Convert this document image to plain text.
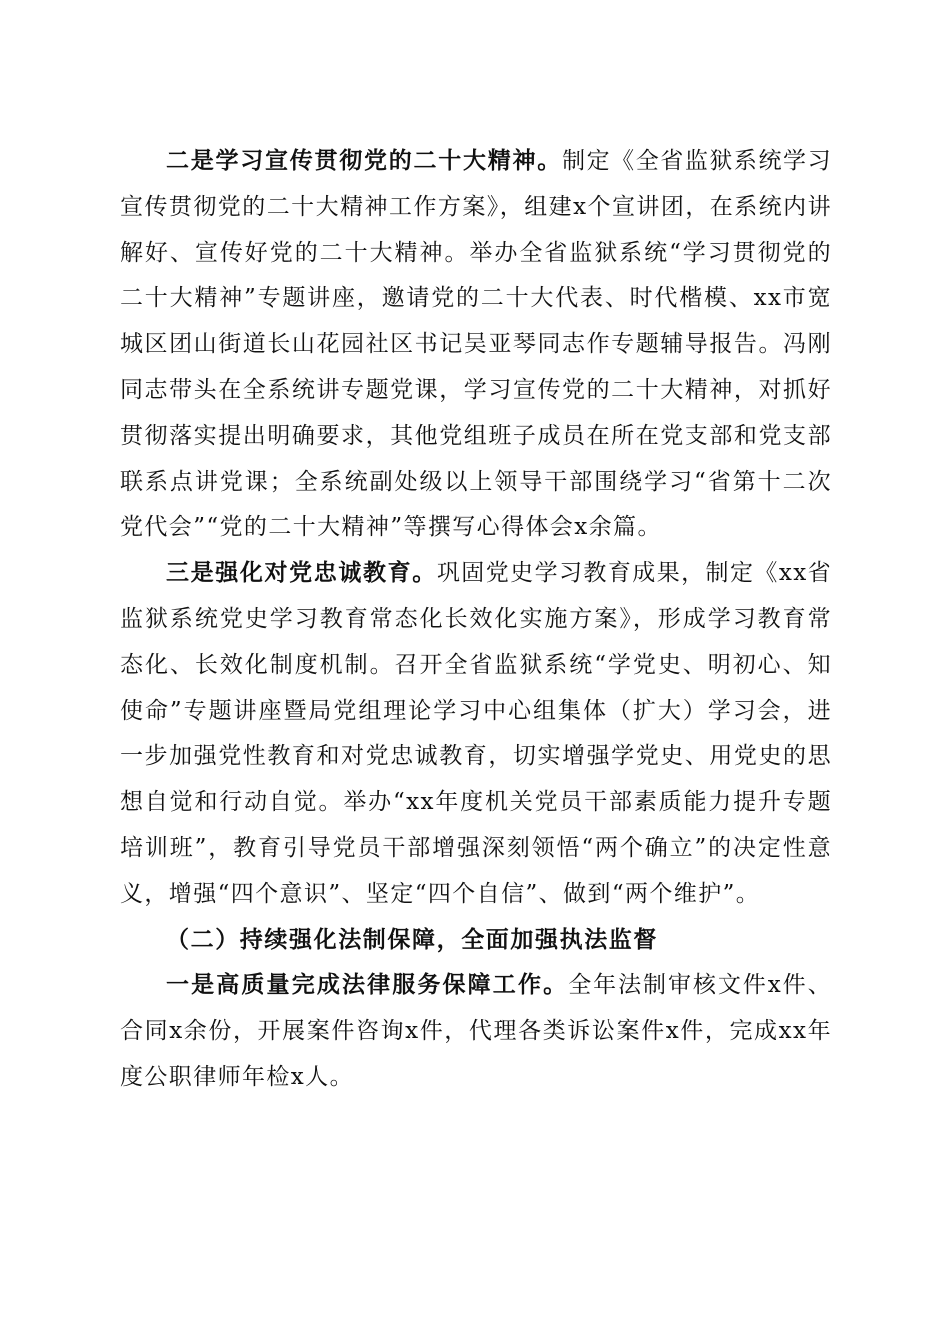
二是学习宣传贯彻党的二十大精神。制定《全省监狱系统学习宣传贯彻党的二十大精神工作方案》，组建x个宣讲团，在系统内讲解好、宣传好党的二十大精神。举办全省监狱系统“学习贯彻党的二十大精神”专题讲座，邀请党的二十大代表、时代楷模、xx市宽城区团山街道长山花园社区书记吴亚琴同志作专题辅导报告。冯刚同志带头在全系统讲专题党课，学习宣传党的二十大精神，对抓好贯彻落实提出明确要求，其他党组班子成员在所在党支部和党支部联系点讲党课；全系统副处级以上领导干部围绕学习“省第十二次党代会”“党的二十大精神”等撰写心得体会x余篇。

三是强化对党忠诚教育。巩固党史学习教育成果，制定《xx省监狱系统党史学习教育常态化长效化实施方案》，形成学习教育常态化、长效化制度机制。召开全省监狱系统“学党史、明初心、知使命”专题讲座暨局党组理论学习中心组集体（扩大）学习会，进一步加强党性教育和对党忠诚教育，切实增强学党史、用党史的思想自觉和行动自觉。举办“xx年度机关党员干部素质能力提升专题培训班”，教育引导党员干部增强深刻领悟“两个确立”的决定性意义，增强“四个意识”、坚定“四个自信”、做到“两个维护”。

（二）持续强化法制保障，全面加强执法监督

一是高质量完成法律服务保障工作。全年法制审核文件x件、合同x余份，开展案件咨询x件，代理各类诉讼案件x件，完成xx年度公职律师年检x人。
